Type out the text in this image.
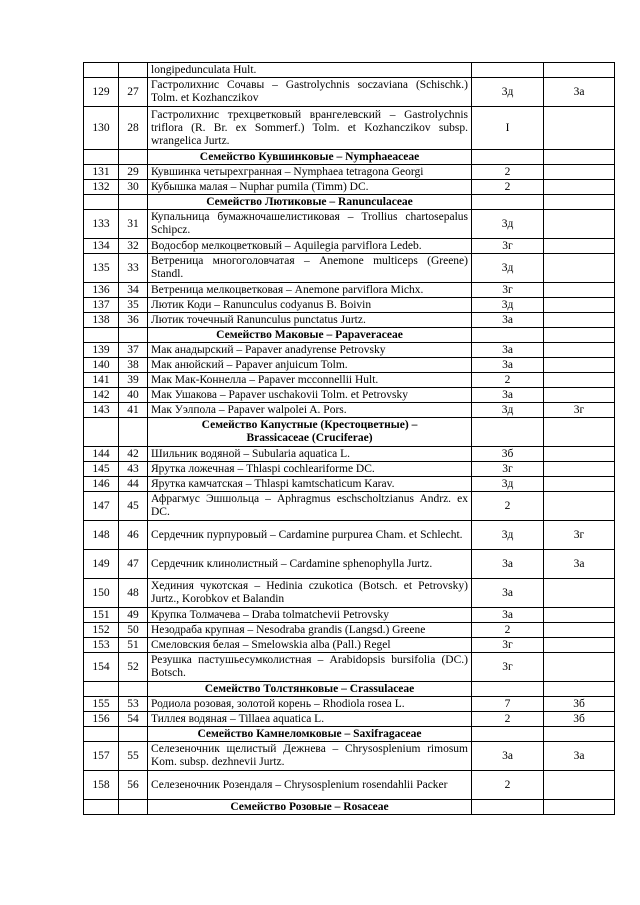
		longipedunculata Hult.		
129	27	Гастролихнис Сочавы – Gastrolychnis soczaviana (Schischk.) Tolm. et Kozhanczikov	3д	3а
130	28	Гастролихнис трехцветковый врангелевский – Gastrolychnis triflora (R. Br. ex Sommerf.) Tolm. et Kozhanczikov subsp. wrangelica Jurtz.	I	
		Семейство Кувшинковые – Nymphaeaceae		
131	29	Кувшинка четырехгранная – Nymphaea tetragona Georgi	2	
132	30	Кубышка малая – Nuphar pumila (Timm) DC.	2	
		Семейство Лютиковые – Ranunculaceae		
133	31	Купальница бумажночашелистиковая – Trollius chartosepalus Schipcz.	3д	
134	32	Водосбор мелкоцветковый – Aquilegia parviflora Ledeb.	3г	
135	33	Ветреница многоголовчатая – Anemone multiceps (Greene) Standl.	3д	
136	34	Ветреница мелкоцветковая – Anemone parviflora Michx.	3г	
137	35	Лютик Коди – Ranunculus codyanus B. Boivin	3д	
138	36	Лютик точечный Ranunculus punctatus Jurtz.	3а	
		Семейство Маковые – Papaveraceae		
139	37	Мак анадырский – Papaver anadyrense Petrovsky	3а	
140	38	Мак анюйский – Papaver anjuicum Tolm.	3а	
141	39	Мак Мак-Коннелла – Papaver mcconnellii Hult.	2	
142	40	Мак Ушакова – Papaver uschakovii Tolm. et Petrovsky	3а	
143	41	Мак Уэлпола – Papaver walpolei A. Pors.	3д	3г

		Семейство Капустные (Крестоцветные) –
Brassicaceae (Cruciferae)		

144	42	Шильник водяной – Subularia aquatica L.	3б	
145	43	Ярутка ложечная – Thlaspi cochleariforme DC.	3г	
146	44	Ярутка камчатская – Thlaspi kamtschaticum Karav.	3д	
147	45	Афрагмус Эшшольца – Aphragmus eschscholtzianus Andrz. ex DC.	2	
148	46	Сердечник пурпуровый – Cardamine purpurea Cham. et Schlecht.	3д	3г
149	47	Сердечник клинолистный – Cardamine sphenophylla Jurtz.	3а	3а
150	48	Хединия чукотская – Hedinia czukotica (Botsch. et Petrovsky) Jurtz., Korobkov et Balandin	3а	
151	49	Крупка Толмачева – Draba tolmatchevii Petrovsky	3а	
152	50	Незодраба крупная – Nesodraba grandis (Langsd.) Greene	2	
153	51	Смеловския белая – Smelowskia alba (Pall.) Regel	3г	
154	52	Резушка пастушьесумколистная – Arabidopsis bursifolia (DC.) Botsch.	3г	
		Семейство Толстянковые – Crassulaceae		
155	53	Родиола розовая, золотой корень – Rhodiola rosea L.	7	3б
156	54	Тиллея водяная – Tillaea aquatica L.	2	3б
		Семейство Камнеломковые – Saxifragaceae		
157	55	Селезеночник щелистый Дежнева – Chrysosplenium rimosum Kom. subsp. dezhnevii Jurtz.	3а	3а
158	56	Селезеночник Розендаля – Chrysosplenium rosendahlii Packer	2	
		Семейство Розовые – Rosaceae		
